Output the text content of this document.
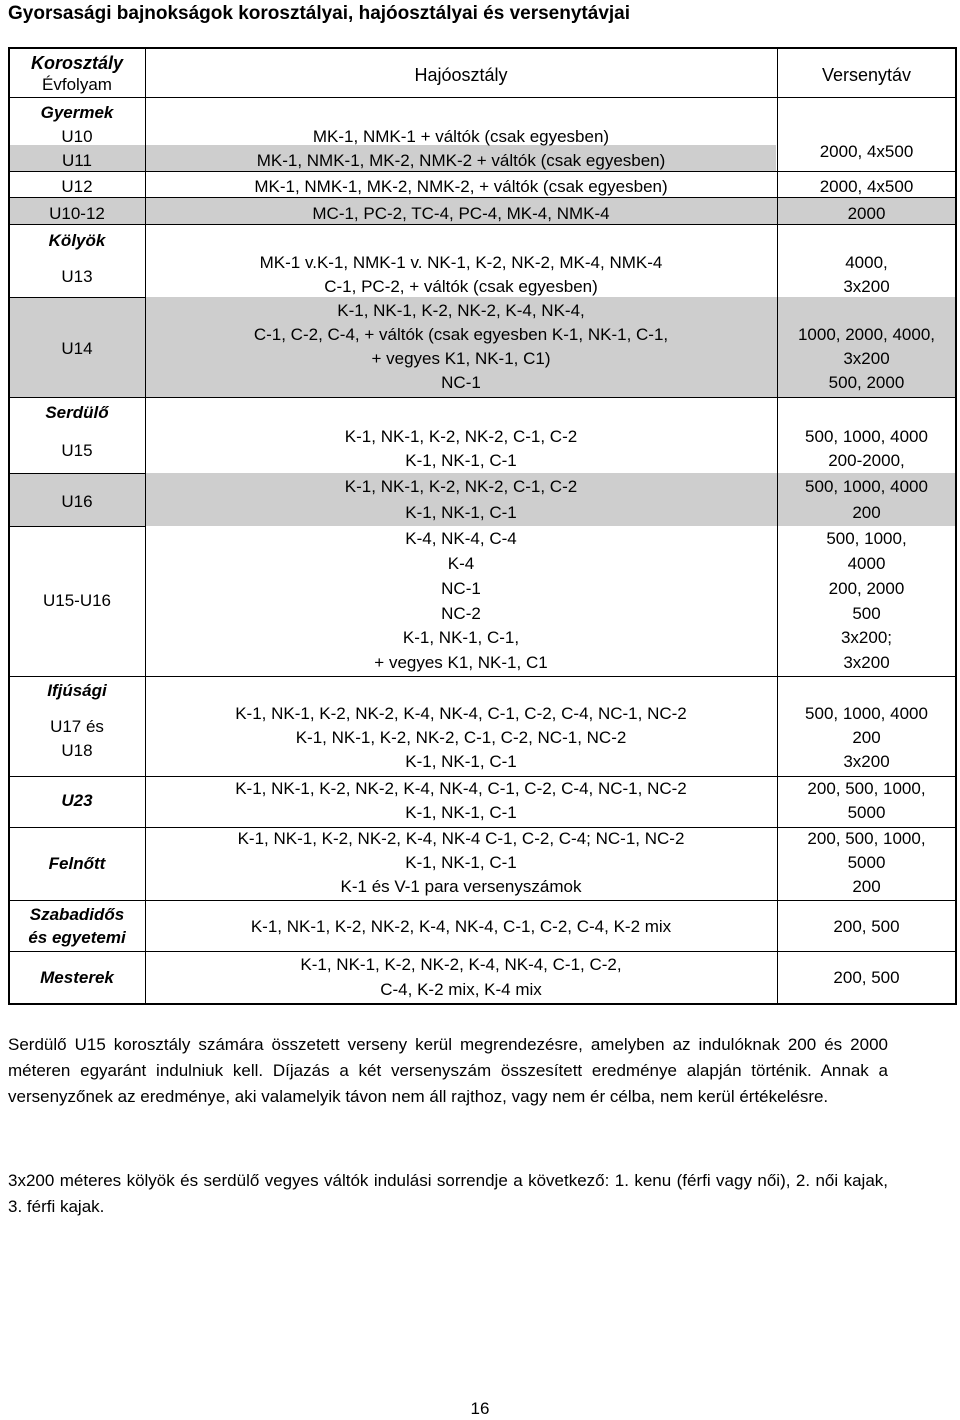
Gyorsasági bajnokságok korosztályai, hajóosztályai és versenytávjai
Korosztály
Évfolyam	Hajóosztály	Versenytáv
Gyermek
U10
U11
U12
U10-12
Kölyök
U13
U14
Serdülő
U15
U16
U15-U16
Ifjúsági
U17 és
U18
U23
Felnőtt
Szabadidős
és egyetemi
Mesterek
MK-1, NMK-1 + váltók (csak egyesben)
MK-1, NMK-1, MK-2, NMK-2 + váltók (csak egyesben)
MK-1, NMK-1, MK-2, NMK-2, + váltók (csak egyesben)
MC-1, PC-2, TC-4, PC-4, MK-4, NMK-4
MK-1 v.K-1, NMK-1 v. NK-1, K-2, NK-2, MK-4, NMK-4
C-1, PC-2, + váltók (csak egyesben)
K-1, NK-1, K-2, NK-2, K-4, NK-4,
C-1, C-2, C-4, + váltók (csak egyesben K-1, NK-1, C-1,
+ vegyes K1, NK-1, C1)
NC-1
K-1, NK-1, K-2, NK-2, C-1, C-2
K-1, NK-1, C-1
K-1, NK-1, K-2, NK-2, C-1, C-2
K-1, NK-1, C-1
K-4, NK-4, C-4
K-4
NC-1
NC-2
K-1, NK-1, C-1,
+ vegyes K1, NK-1, C1
K-1, NK-1, K-2, NK-2, K-4, NK-4, C-1, C-2, C-4, NC-1, NC-2
K-1, NK-1, K-2, NK-2, C-1, C-2, NC-1, NC-2
K-1, NK-1, C-1
K-1, NK-1, K-2, NK-2, K-4, NK-4, C-1, C-2, C-4, NC-1, NC-2
K-1, NK-1, C-1
K-1, NK-1, K-2, NK-2, K-4, NK-4 C-1, C-2, C-4; NC-1, NC-2
K-1, NK-1, C-1
K-1 és V-1 para versenyszámok
K-1, NK-1, K-2, NK-2, K-4, NK-4, C-1, C-2, C-4, K-2 mix
K-1, NK-1, K-2, NK-2, K-4, NK-4, C-1, C-2,
C-4, K-2 mix, K-4 mix
2000, 4x500
2000, 4x500
2000
4000,
3x200
1000, 2000, 4000,
3x200
500, 2000
500, 1000, 4000
200-2000,
500, 1000, 4000
200
500, 1000,
4000
200, 2000
500
3x200;
3x200
500, 1000, 4000
200
3x200
200, 500, 1000,
5000
200, 500, 1000,
5000
200
200, 500
200, 500
Serdülő U15 korosztály számára összetett verseny kerül megrendezésre, amelyben az indulóknak 200 és 2000 méteren egyaránt indulniuk kell. Díjazás a két versenyszám összesített eredménye alapján történik. Annak a versenyzőnek az eredménye, aki valamelyik távon nem áll rajthoz, vagy nem ér célba, nem kerül értékelésre.
3x200 méteres kölyök és serdülő vegyes váltók indulási sorrendje a következő: 1. kenu (férfi vagy női), 2. női kajak, 3. férfi kajak.
16
